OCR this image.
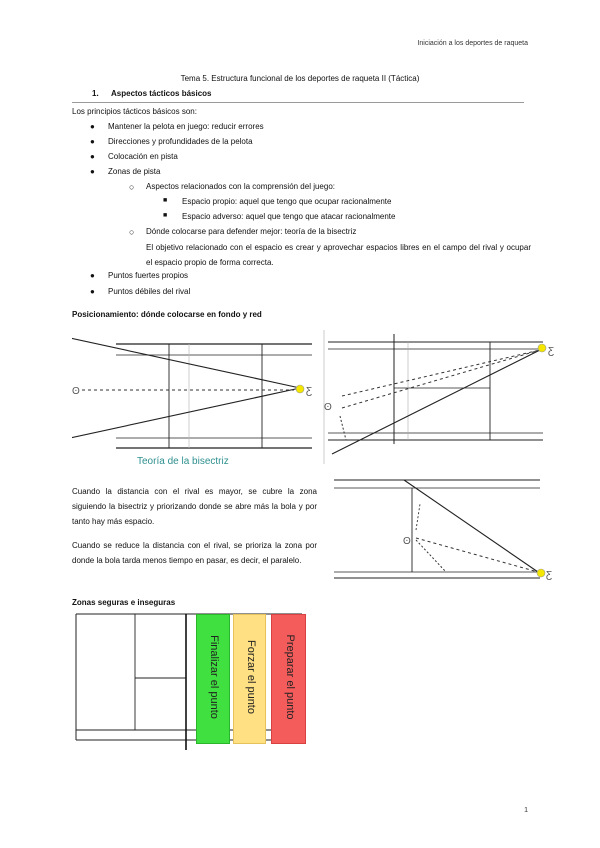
Iniciación a los deportes de raqueta
Tema 5. Estructura funcional de los deportes de raqueta II (Táctica)
1. Aspectos tácticos básicos
Los principios tácticos básicos son:
● Mantener la pelota en juego: reducir errores
● Direcciones y profundidades de la pelota
● Colocación en pista
● Zonas de pista
○ Aspectos relacionados con la comprensión del juego:
■ Espacio propio: aquel que tengo que ocupar racionalmente
■ Espacio adverso: aquel que tengo que atacar racionalmente
○ Dónde colocarse para defender mejor: teoría de la bisectriz
El objetivo relacionado con el espacio es crear y aprovechar espacios libres en el campo del rival y ocupar el espacio propio de forma correcta.
● Puntos fuertes propios
● Puntos débiles del rival
Posicionamiento: dónde colocarse en fondo y red
ʘ	Ƹ
Teoría de la bisectriz
ʘ
Ƹ
Cuando la distancia con el rival es mayor, se cubre la zona siguiendo la bisectriz y priorizando donde se abre más la bola y por tanto hay más espacio.
Cuando se reduce la distancia con el rival, se prioriza la zona por donde la bola tarda menos tiempo en pasar, es decir, el paralelo.
ʘ
Ƹ
Zonas seguras e inseguras
Finalizar el punto Forzar el punto Preparar el punto
1
